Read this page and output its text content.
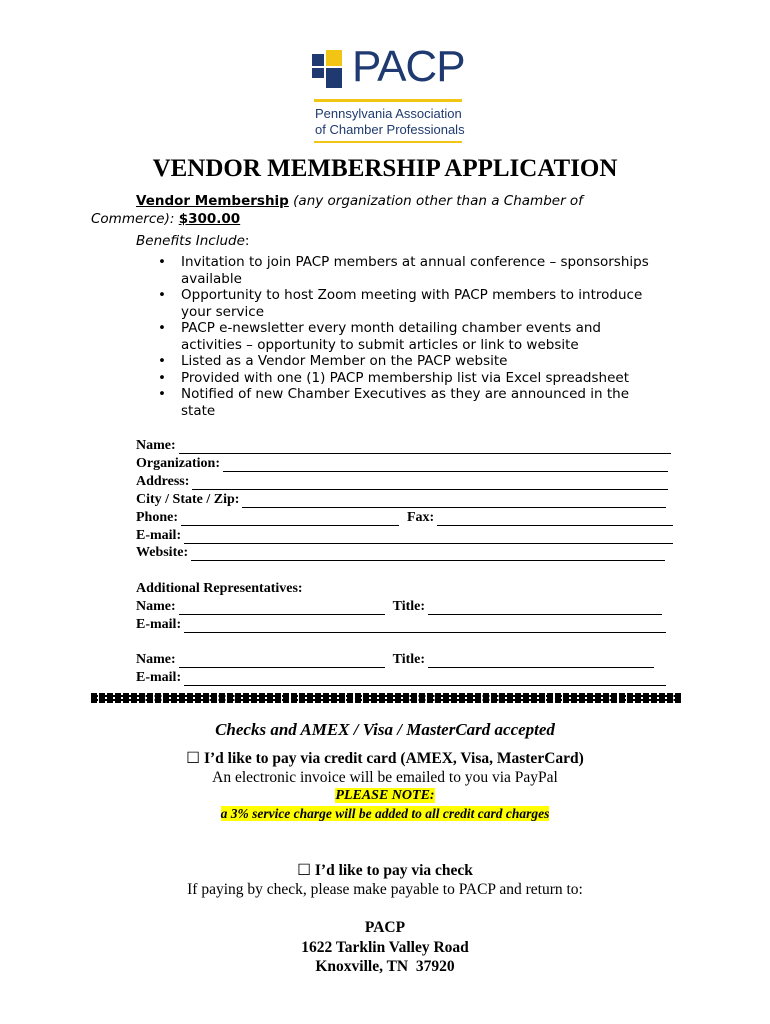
PACP
Pennsylvania Association
of Chamber Professionals
VENDOR MEMBERSHIP APPLICATION
Vendor Membership (any organization other than a Chamber of
Commerce): $300.00
Benefits Include:
• Invitation to join PACP members at annual conference – sponsorships available
• Opportunity to host Zoom meeting with PACP members to introduce your service
• PACP e-newsletter every month detailing chamber events and activities – opportunity to submit articles or link to website
• Listed as a Vendor Member on the PACP website
• Provided with one (1) PACP membership list via Excel spreadsheet
• Notified of new Chamber Executives as they are announced in the state
Name:
Organization:
Address:
City / State / Zip:
Phone:	Fax:
E-mail:
Website:
Additional Representatives:
Name:	Title:
E-mail:
Name:	Title:
E-mail:
Checks and AMEX / Visa / MasterCard accepted
☐ I’d like to pay via credit card (AMEX, Visa, MasterCard)
An electronic invoice will be emailed to you via PayPal
PLEASE NOTE:
a 3% service charge will be added to all credit card charges
☐ I’d like to pay via check
If paying by check, please make payable to PACP and return to:
PACP
1622 Tarklin Valley Road
Knoxville, TN  37920
